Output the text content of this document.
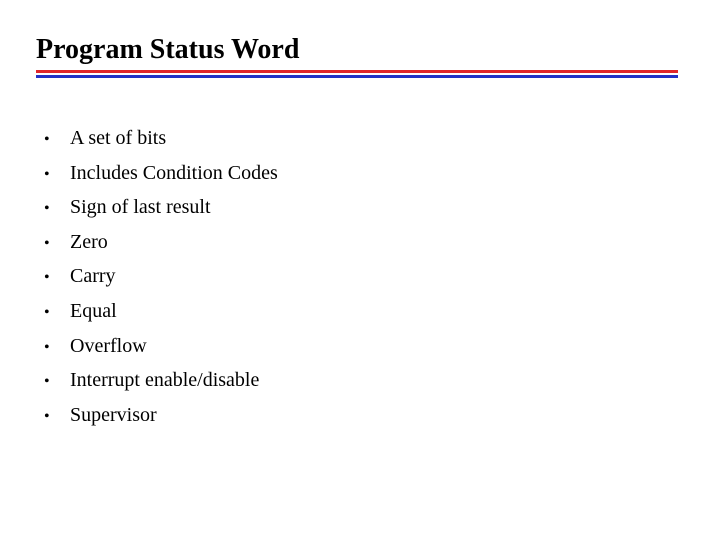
Program Status Word
•	A set of bits
•	Includes Condition Codes
•	Sign of last result
•	Zero
•	Carry
•	Equal
•	Overflow
•	Interrupt enable/disable
•	Supervisor
